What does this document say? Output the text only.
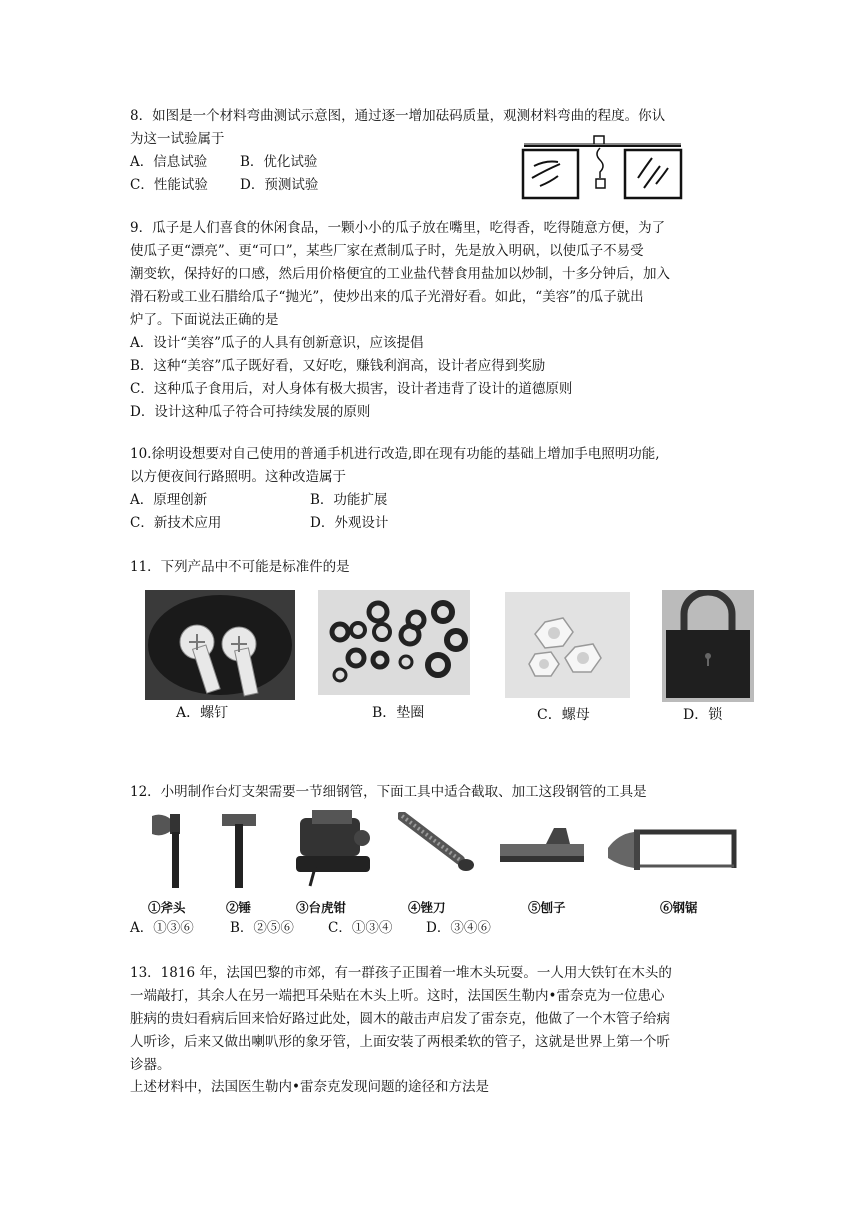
8．如图是一个材料弯曲测试示意图，通过逐一增加砝码质量，观测材料弯曲的程度。你认
为这一试验属于
A．信息试验 B．优化试验
C．性能试验 D．预测试验
9．瓜子是人们喜食的休闲食品，一颗小小的瓜子放在嘴里，吃得香，吃得随意方便，为了
使瓜子更“漂亮”、更“可口”，某些厂家在煮制瓜子时，先是放入明矾，以使瓜子不易受
潮变软，保持好的口感，然后用价格便宜的工业盐代替食用盐加以炒制，十多分钟后，加入
滑石粉或工业石腊给瓜子“抛光”，使炒出来的瓜子光滑好看。如此，“美容”的瓜子就出
炉了。下面说法正确的是
A．设计“美容”瓜子的人具有创新意识，应该提倡
B．这种“美容”瓜子既好看，又好吃，赚钱利润高，设计者应得到奖励
C．这种瓜子食用后，对人身体有极大损害，设计者违背了设计的道德原则
D．设计这种瓜子符合可持续发展的原则
10.徐明设想要对自己使用的普通手机进行改造,即在现有功能的基础上增加手电照明功能,
以方便夜间行路照明。这种改造属于
A．原理创新	B．功能扩展
C．新技术应用	D．外观设计
11．下列产品中不可能是标准件的是
A．螺钉	B．垫圈	C．螺母	D．锁
12．小明制作台灯支架需要一节细钢管，下面工具中适合截取、加工这段钢管的工具是
①斧头	②锤	③台虎钳	④锉刀	⑤刨子	⑥钢锯
A．①③⑥	B．②⑤⑥	C．①③④ D．③④⑥
13．1816 年，法国巴黎的市郊，有一群孩子正围着一堆木头玩耍。一人用大铁钉在木头的
一端敲打，其余人在另一端把耳朵贴在木头上听。这时，法国医生勒内•雷奈克为一位患心
脏病的贵妇看病后回来恰好路过此处，圆木的敲击声启发了雷奈克，他做了一个木管子给病
人听诊，后来又做出喇叭形的象牙管，上面安装了两根柔软的管子，这就是世界上第一个听
诊器。
上述材料中，法国医生勒内•雷奈克发现问题的途径和方法是
